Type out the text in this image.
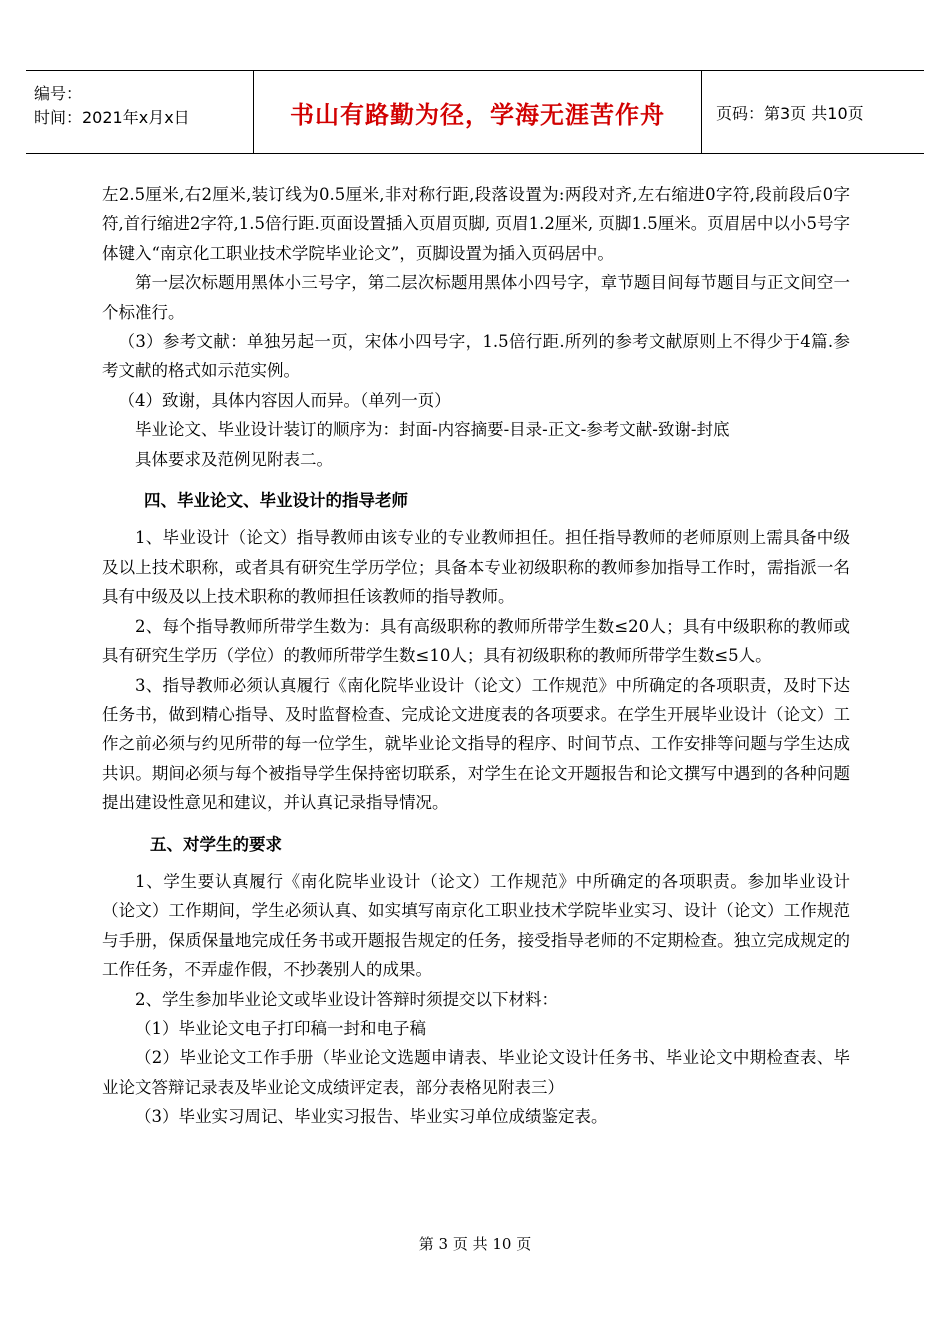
编号：
时间：2021年x月x日	书山有路勤为径，学海无涯苦作舟	页码：第3页 共10页

左2.5厘米,右2厘米,装订线为0.5厘米,非对称行距,段落设置为:两段对齐,左右缩进0字符,段前段后0字符,首行缩进2字符,1.5倍行距.页面设置插入页眉页脚, 页眉1.2厘米, 页脚1.5厘米。页眉居中以小5号字体键入“南京化工职业技术学院毕业论文”，页脚设置为插入页码居中。

第一层次标题用黑体小三号字，第二层次标题用黑体小四号字，章节题目间每节题目与正文间空一个标准行。

（3）参考文献：单独另起一页，宋体小四号字，1.5倍行距.所列的参考文献原则上不得少于4篇.参考文献的格式如示范实例。

（4）致谢，具体内容因人而异。（单列一页）

毕业论文、毕业设计装订的顺序为：封面-内容摘要-目录-正文-参考文献-致谢-封底

具体要求及范例见附表二。

四、毕业论文、毕业设计的指导老师

1、毕业设计（论文）指导教师由该专业的专业教师担任。担任指导教师的老师原则上需具备中级及以上技术职称，或者具有研究生学历学位；具备本专业初级职称的教师参加指导工作时，需指派一名具有中级及以上技术职称的教师担任该教师的指导教师。

2、每个指导教师所带学生数为：具有高级职称的教师所带学生数≤20人；具有中级职称的教师或具有研究生学历（学位）的教师所带学生数≤10人；具有初级职称的教师所带学生数≤5人。

3、指导教师必须认真履行《南化院毕业设计（论文）工作规范》中所确定的各项职责，及时下达任务书，做到精心指导、及时监督检查、完成论文进度表的各项要求。在学生开展毕业设计（论文）工作之前必须与约见所带的每一位学生，就毕业论文指导的程序、时间节点、工作安排等问题与学生达成共识。期间必须与每个被指导学生保持密切联系，对学生在论文开题报告和论文撰写中遇到的各种问题提出建设性意见和建议，并认真记录指导情况。

五、对学生的要求

1、学生要认真履行《南化院毕业设计（论文）工作规范》中所确定的各项职责。参加毕业设计（论文）工作期间，学生必须认真、如实填写南京化工职业技术学院毕业实习、设计（论文）工作规范与手册，保质保量地完成任务书或开题报告规定的任务，接受指导老师的不定期检查。独立完成规定的工作任务，不弄虚作假，不抄袭别人的成果。

2、学生参加毕业论文或毕业设计答辩时须提交以下材料：

（1）毕业论文电子打印稿一封和电子稿

（2）毕业论文工作手册（毕业论文选题申请表、毕业论文设计任务书、毕业论文中期检查表、毕业论文答辩记录表及毕业论文成绩评定表，部分表格见附表三）

（3）毕业实习周记、毕业实习报告、毕业实习单位成绩鉴定表。

第 3 页 共 10 页
